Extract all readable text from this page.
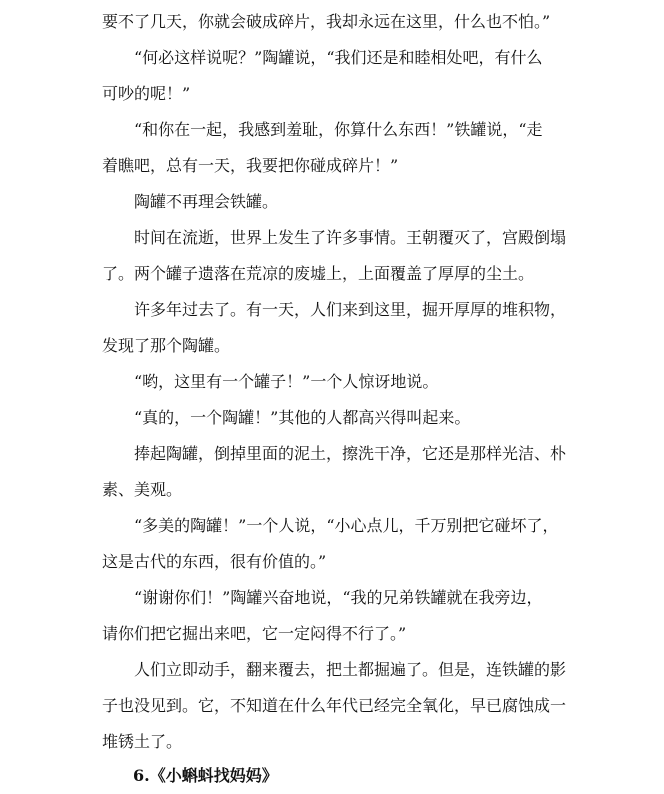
要不了几天，你就会破成碎片，我却永远在这里，什么也不怕。”
“何必这样说呢？”陶罐说，“我们还是和睦相处吧，有什么
可吵的呢！”
“和你在一起，我感到羞耻，你算什么东西！”铁罐说，“走
着瞧吧，总有一天，我要把你碰成碎片！”
陶罐不再理会铁罐。
时间在流逝，世界上发生了许多事情。王朝覆灭了，宫殿倒塌
了。两个罐子遗落在荒凉的废墟上，上面覆盖了厚厚的尘土。
许多年过去了。有一天，人们来到这里，掘开厚厚的堆积物，
发现了那个陶罐。
“哟，这里有一个罐子！”一个人惊讶地说。
“真的，一个陶罐！”其他的人都高兴得叫起来。
捧起陶罐，倒掉里面的泥土，擦洗干净，它还是那样光洁、朴
素、美观。
“多美的陶罐！”一个人说，“小心点儿，千万别把它碰坏了，
这是古代的东西，很有价值的。”
“谢谢你们！”陶罐兴奋地说，“我的兄弟铁罐就在我旁边，
请你们把它掘出来吧，它一定闷得不行了。”
人们立即动手，翻来覆去，把土都掘遍了。但是，连铁罐的影
子也没见到。它，不知道在什么年代已经完全氧化，早已腐蚀成一
堆锈土了。
6.《小蝌蚪找妈妈》
